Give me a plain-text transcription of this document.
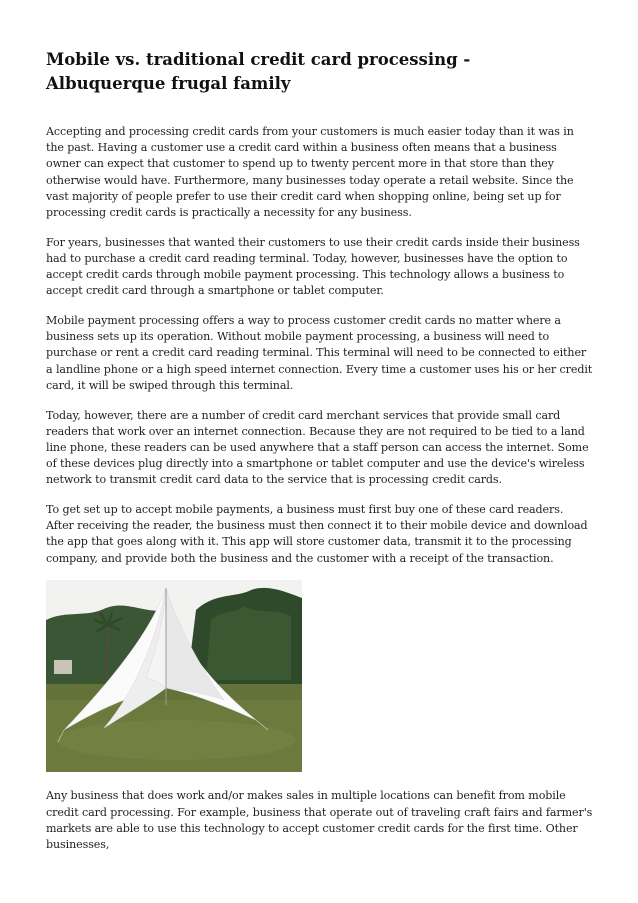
Mobile vs. traditional credit card processing - Albuquerque frugal family

Accepting and processing credit cards from your customers is much easier today than it was in the past. Having a customer use a credit card within a business often means that a business owner can expect that customer to spend up to twenty percent more in that store than they otherwise would have. Furthermore, many businesses today operate a retail website. Since the vast majority of people prefer to use their credit card when shopping online, being set up for processing credit cards is practically a necessity for any business.

For years, businesses that wanted their customers to use their credit cards inside their business had to purchase a credit card reading terminal. Today, however, businesses have the option to accept credit cards through mobile payment processing. This technology allows a business to accept credit card through a smartphone or tablet computer.

Mobile payment processing offers a way to process customer credit cards no matter where a business sets up its operation. Without mobile payment processing, a business will need to purchase or rent a credit card reading terminal. This terminal will need to be connected to either a landline phone or a high speed internet connection. Every time a customer uses his or her credit card, it will be swiped through this terminal.

Today, however, there are a number of credit card merchant services that provide small card readers that work over an internet connection. Because they are not required to be tied to a land line phone, these readers can be used anywhere that a staff person can access the internet. Some of these devices plug directly into a smartphone or tablet computer and use the device's wireless network to transmit credit card data to the service that is processing credit cards.

To get set up to accept mobile payments, a business must first buy one of these card readers. After receiving the reader, the business must then connect it to their mobile device and download the app that goes along with it. This app will store customer data, transmit it to the processing company, and provide both the business and the customer with a receipt of the transaction.

Any business that does work and/or makes sales in multiple locations can benefit from mobile credit card processing. For example, business that operate out of traveling craft fairs and farmer's markets are able to use this technology to accept customer credit cards for the first time. Other businesses,
